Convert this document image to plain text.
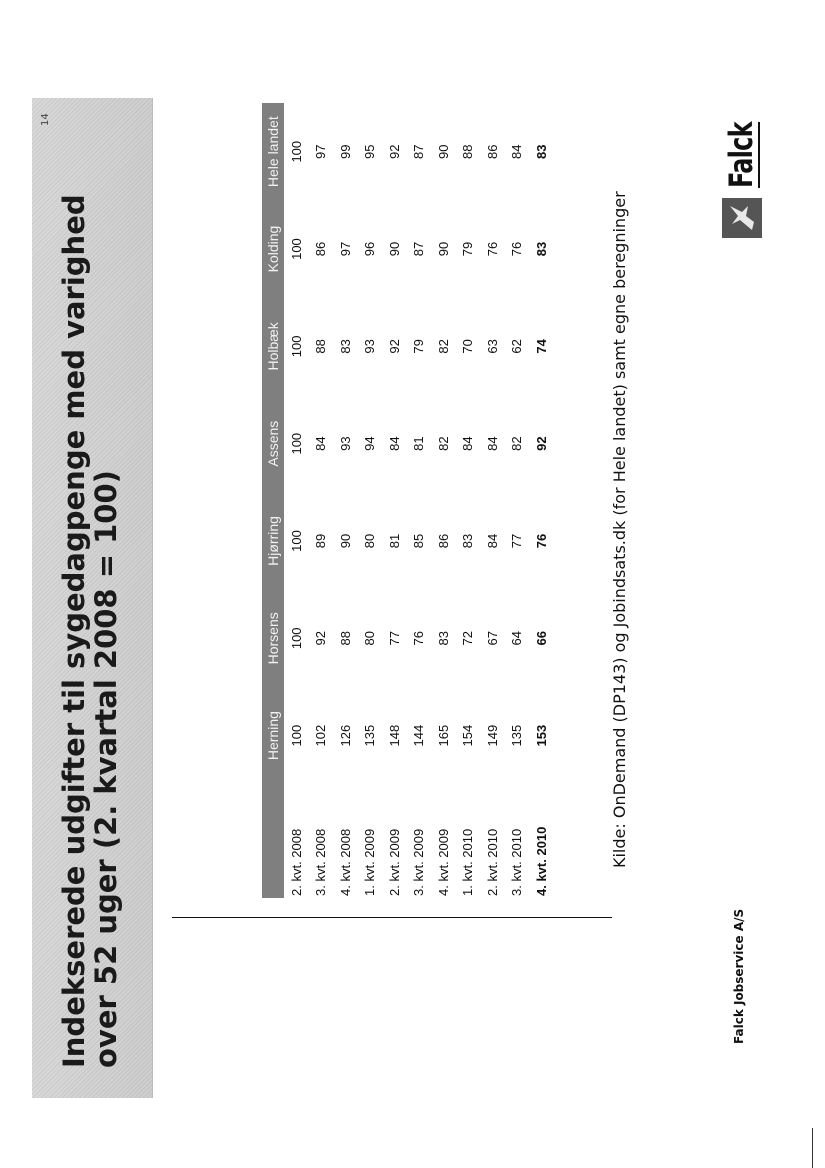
Indekserede udgifter til sygedagpenge med varighed over 52 uger (2. kvartal 2008 = 100)
14
	Herning	Horsens	Hjørring	Assens	Holbæk	Kolding	Hele landet
2. kvt. 2008	100	100	100	100	100	100	100
3. kvt. 2008	102	92	89	84	88	86	97
4. kvt. 2008	126	88	90	93	83	97	99
1. kvt. 2009	135	80	80	94	93	96	95
2. kvt. 2009	148	77	81	84	92	90	92
3. kvt. 2009	144	76	85	81	79	87	87
4. kvt. 2009	165	83	86	82	82	90	90
1. kvt. 2010	154	72	83	84	70	79	88
2. kvt. 2010	149	67	84	84	63	76	86
3. kvt. 2010	135	64	77	82	62	76	84
4. kvt. 2010	153	66	76	92	74	83	83
Kilde: OnDemand (DP143) og Jobindsats.dk (for Hele landet) samt egne beregninger
Falck Jobservice A/S
Falck
